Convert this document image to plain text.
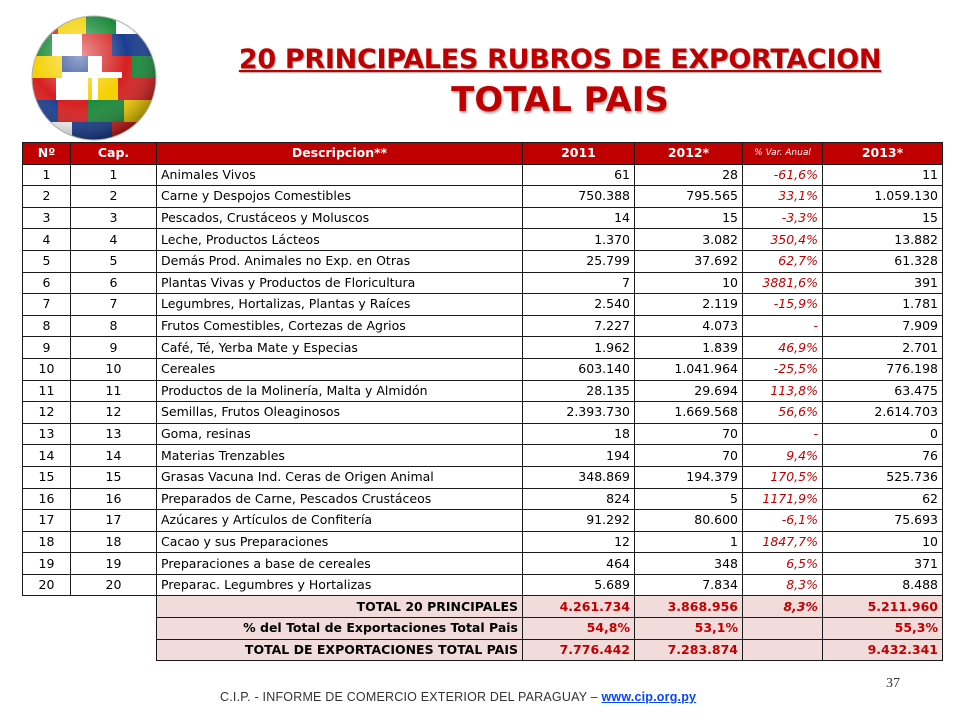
20 PRINCIPALES RUBROS DE EXPORTACION
TOTAL PAIS
Nº	Cap.	Descripcion**	2011	2012*	% Var. Anual	2013*
1	1	Animales Vivos	61	28	-61,6%	11
2	2	Carne y Despojos Comestibles	750.388	795.565	33,1%	1.059.130
3	3	Pescados, Crustáceos y Moluscos	14	15	-3,3%	15
4	4	Leche, Productos Lácteos	1.370	3.082	350,4%	13.882
5	5	Demás Prod. Animales no Exp. en Otras	25.799	37.692	62,7%	61.328
6	6	Plantas Vivas y Productos de Floricultura	7	10	3881,6%	391
7	7	Legumbres, Hortalizas, Plantas y Raíces	2.540	2.119	-15,9%	1.781
8	8	Frutos Comestibles, Cortezas de Agrios	7.227	4.073	-	7.909
9	9	Café, Té, Yerba Mate y Especias	1.962	1.839	46,9%	2.701
10	10	Cereales	603.140	1.041.964	-25,5%	776.198
11	11	Productos de la Molinería, Malta y Almidón	28.135	29.694	113,8%	63.475
12	12	Semillas, Frutos Oleaginosos	2.393.730	1.669.568	56,6%	2.614.703
13	13	Goma, resinas	18	70	-	0
14	14	Materias Trenzables	194	70	9,4%	76
15	15	Grasas Vacuna Ind. Ceras de Origen Animal	348.869	194.379	170,5%	525.736
16	16	Preparados de Carne, Pescados Crustáceos	824	5	1171,9%	62
17	17	Azúcares y Artículos de Confitería	91.292	80.600	-6,1%	75.693
18	18	Cacao y sus Preparaciones	12	1	1847,7%	10
19	19	Preparaciones a base de cereales	464	348	6,5%	371
20	20	Preparac. Legumbres y Hortalizas	5.689	7.834	8,3%	8.488
		TOTAL 20 PRINCIPALES	4.261.734	3.868.956	8,3%	5.211.960
		% del Total de Exportaciones Total Pais	54,8%	53,1%		55,3%
		TOTAL DE EXPORTACIONES TOTAL PAIS	7.776.442	7.283.874		9.432.341
37
C.I.P. - INFORME DE COMERCIO EXTERIOR DEL PARAGUAY – www.cip.org.py
